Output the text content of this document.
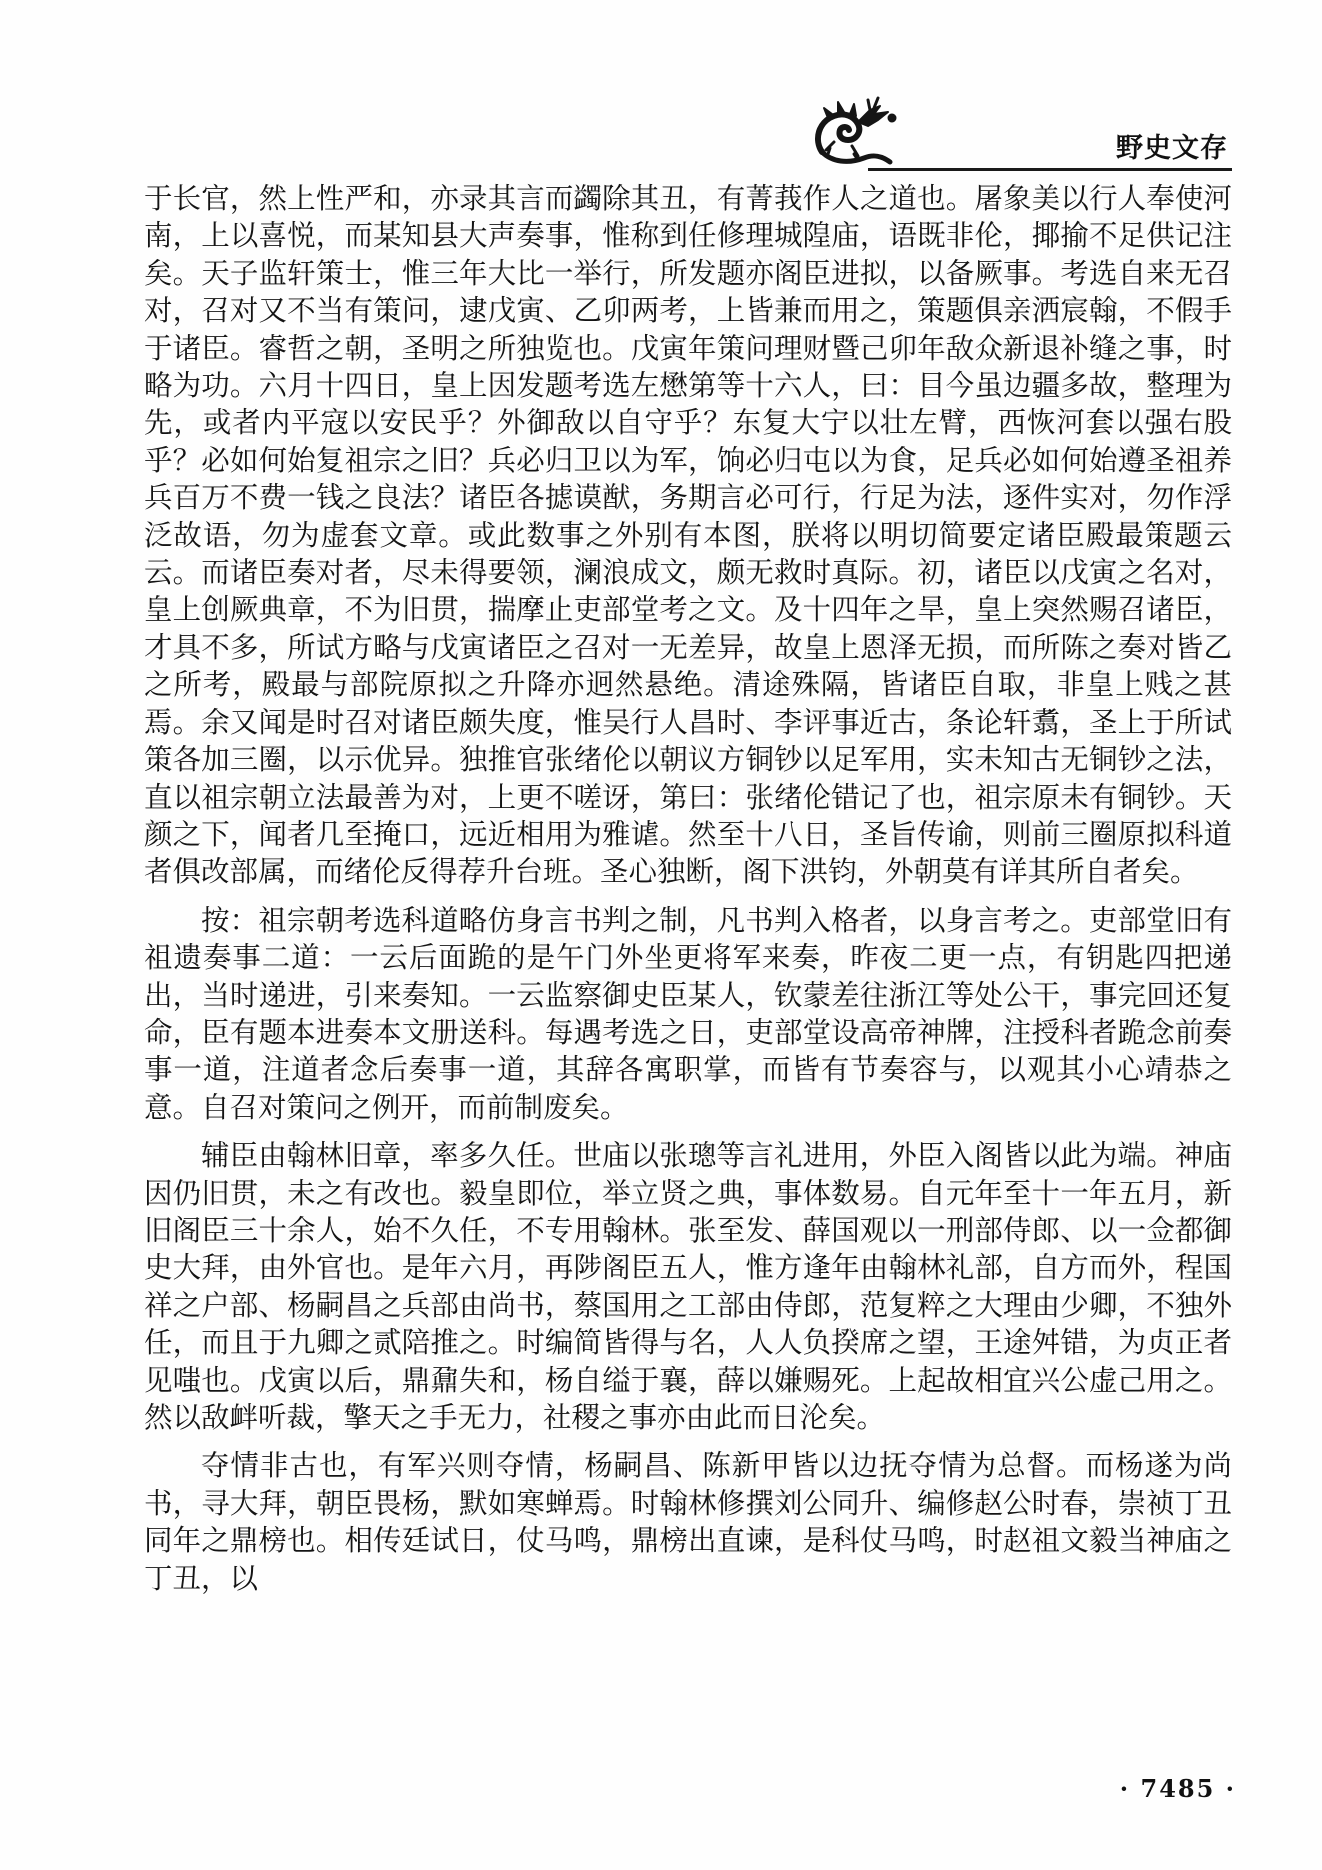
野史文存

于长官，然上性严和，亦录其言而蠲除其丑，有菁莪作人之道也。屠象美以行人奉使河南，上以喜悦，而某知县大声奏事，惟称到任修理城隍庙，语既非伦，揶揄不足供记注矣。天子监轩策士，惟三年大比一举行，所发题亦阁臣进拟，以备厥事。考选自来无召对，召对又不当有策问，逮戊寅、乙卯两考，上皆兼而用之，策题俱亲洒宸翰，不假手于诸臣。睿哲之朝，圣明之所独览也。戊寅年策问理财暨己卯年敌众新退补缝之事，时略为功。六月十四日，皇上因发题考选左懋第等十六人，曰：目今虽边疆多故，整理为先，或者内平寇以安民乎？外御敌以自守乎？东复大宁以壮左臂，西恢河套以强右股乎？必如何始复祖宗之旧？兵必归卫以为军，饷必归屯以为食，足兵必如何始遵圣祖养兵百万不费一钱之良法？诸臣各摅谟猷，务期言必可行，行足为法，逐件实对，勿作浮泛故语，勿为虚套文章。或此数事之外别有本图，朕将以明切简要定诸臣殿最策题云云。而诸臣奏对者，尽未得要领，澜浪成文，颇无救时真际。初，诸臣以戊寅之名对，皇上创厥典章，不为旧贯，揣摩止吏部堂考之文。及十四年之旱，皇上突然赐召诸臣，才具不多，所试方略与戊寅诸臣之召对一无差异，故皇上恩泽无损，而所陈之奏对皆乙之所考，殿最与部院原拟之升降亦迥然悬绝。清途殊隔，皆诸臣自取，非皇上贱之甚焉。余又闻是时召对诸臣颇失度，惟吴行人昌时、李评事近古，条论轩翥，圣上于所试策各加三圈，以示优异。独推官张绪伦以朝议方铜钞以足军用，实未知古无铜钞之法，直以祖宗朝立法最善为对，上更不嗟讶，第曰：张绪伦错记了也，祖宗原未有铜钞。天颜之下，闻者几至掩口，远近相用为雅谑。然至十八日，圣旨传谕，则前三圈原拟科道者俱改部属，而绪伦反得荐升台班。圣心独断，阁下洪钧，外朝莫有详其所自者矣。

按：祖宗朝考选科道略仿身言书判之制，凡书判入格者，以身言考之。吏部堂旧有祖遗奏事二道：一云后面跪的是午门外坐更将军来奏，昨夜二更一点，有钥匙四把递出，当时递进，引来奏知。一云监察御史臣某人，钦蒙差往浙江等处公干，事完回还复命，臣有题本进奏本文册送科。每遇考选之日，吏部堂设高帝神牌，注授科者跪念前奏事一道，注道者念后奏事一道，其辞各寓职掌，而皆有节奏容与，以观其小心靖恭之意。自召对策问之例开，而前制废矣。

辅臣由翰林旧章，率多久任。世庙以张璁等言礼进用，外臣入阁皆以此为端。神庙因仍旧贯，未之有改也。毅皇即位，举立贤之典，事体数易。自元年至十一年五月，新旧阁臣三十余人，始不久任，不专用翰林。张至发、薛国观以一刑部侍郎、以一佥都御史大拜，由外官也。是年六月，再陟阁臣五人，惟方逢年由翰林礼部，自方而外，程国祥之户部、杨嗣昌之兵部由尚书，蔡国用之工部由侍郎，范复粹之大理由少卿，不独外任，而且于九卿之贰陪推之。时编简皆得与名，人人负揆席之望，王途舛错，为贞正者见嗤也。戊寅以后，鼎鼐失和，杨自缢于襄，薛以嫌赐死。上起故相宜兴公虚己用之。然以敌衅听裁，擎天之手无力，社稷之事亦由此而日沦矣。

夺情非古也，有军兴则夺情，杨嗣昌、陈新甲皆以边抚夺情为总督。而杨遂为尚书，寻大拜，朝臣畏杨，默如寒蝉焉。时翰林修撰刘公同升、编修赵公时春，崇祯丁丑同年之鼎榜也。相传廷试日，仗马鸣，鼎榜出直谏，是科仗马鸣，时赵祖文毅当神庙之丁丑，以

· 7485 ·
